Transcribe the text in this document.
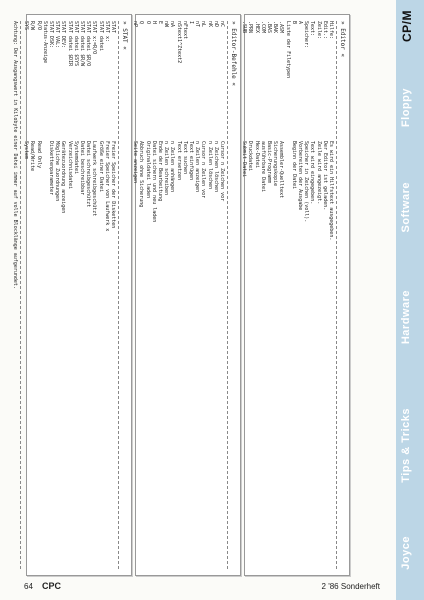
Joyce
Tips & Tricks
Hardware
Software
Floppy
CP/M
» Editor «
Hilfe:
Es wird ein Hilfstext ausgegeben.
Edit.:
Der Editor ist geladen.
Zeile:
Zeile wird angezeigt.
Text:
Text wird eingegeben.
Speicher:
Speicher in Zeichen (voll).
A
Vorbereiten der Ausgabe
B
Beginn der Datei
Liste der Filetypen
.ASM
Assembler-Quelltext
.BAK
Sicherungskopie
.BAS
Basic-Programm
.COM
ausführbare Datei
.HEX
Hex-Datei
.PRN
Druckdatei
.SUB
Submit-Datei
» Editor-Befehle «
nC
Cursor n Zeichen vor
nD
n Zeichen löschen
nK
n Zeilen löschen
nL
Cursor n Zeilen vor
nT
n Zeilen anzeigen
I
Text einfügen
nFtext
Text suchen
nStext1^Ztext2
Text ersetzen
nA
n Zeilen anhängen
nW
n Zeilen schreiben
E
Ende der Bearbeitung
H
Datei sichern und neu laden
O
Originaldatei laden
Q
Abbruch ohne Sicherung
nP
Seite anzeigen
» STAT «
STAT
Freier Speicher der Disketten
STAT x:
Freier Speicher von Laufwerk x
STAT datei
Größe einer Datei
STAT x:=R/O
Laufwerk schreibgeschützt
STAT datei $R/O
Datei schreibgeschützt
STAT datei $R/W
Datei beschreibbar
STAT datei $SYS
Systemdatei
STAT datei $DIR
Verzeichnisdatei
STAT DEV:
Gerätezuordnung anzeigen
STAT VAL:
Mögliche Zuordnungen
STAT DSK:
Diskettenparameter
Status-Anzeige
R/O
Read Only
R/W
Read/Write
SYS
System
Achtung: Der Ausgangswert in Kilobyte einer Datei immer auf volle Blocklänge aufgerundet.
64 CPC	2 '86 Sonderheft
